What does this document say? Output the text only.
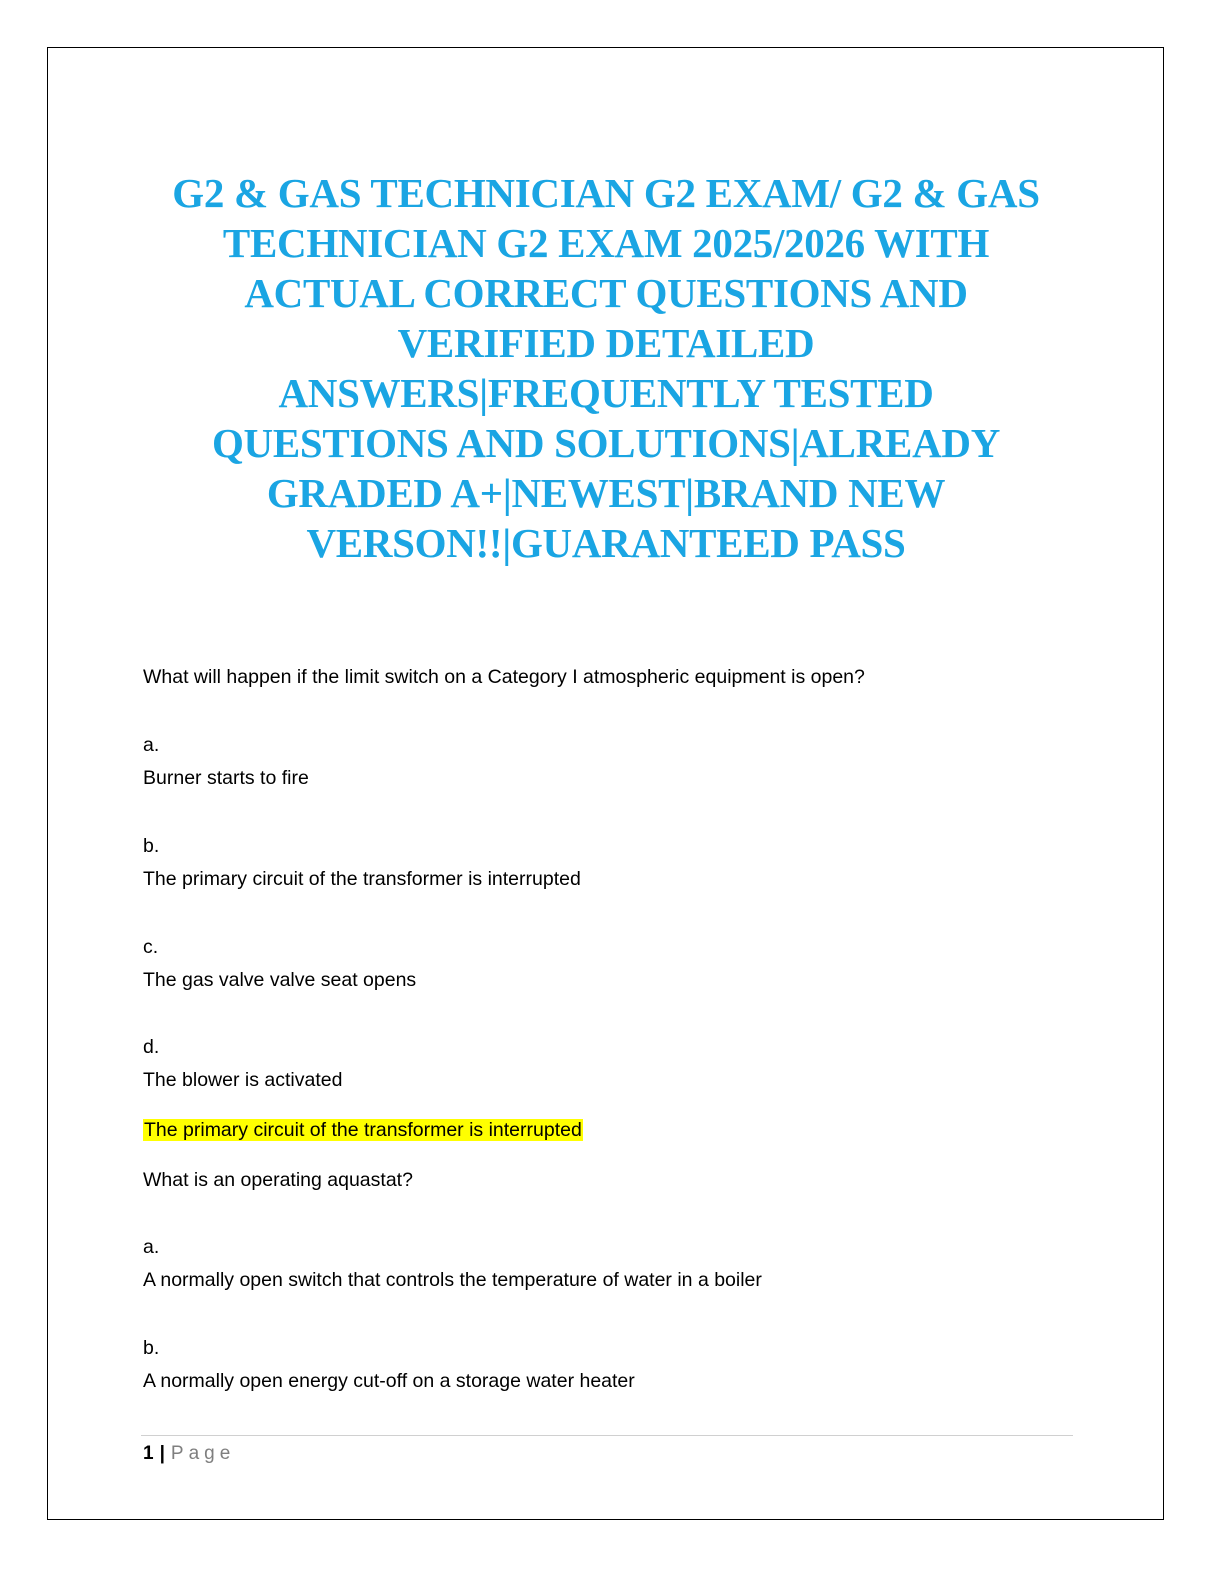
G2 & GAS TECHNICIAN G2 EXAM/ G2 & GAS
TECHNICIAN G2 EXAM 2025/2026 WITH
ACTUAL CORRECT QUESTIONS AND
VERIFIED DETAILED
ANSWERS|FREQUENTLY TESTED
QUESTIONS AND SOLUTIONS|ALREADY
GRADED A+|NEWEST|BRAND NEW
VERSON!!|GUARANTEED PASS
What will happen if the limit switch on a Category I atmospheric equipment is open?
a.
Burner starts to fire
b.
The primary circuit of the transformer is interrupted
c.
The gas valve valve seat opens
d.
The blower is activated
The primary circuit of the transformer is interrupted
What is an operating aquastat?
a.
A normally open switch that controls the temperature of water in a boiler
b.
A normally open energy cut-off on a storage water heater
1 | Page
